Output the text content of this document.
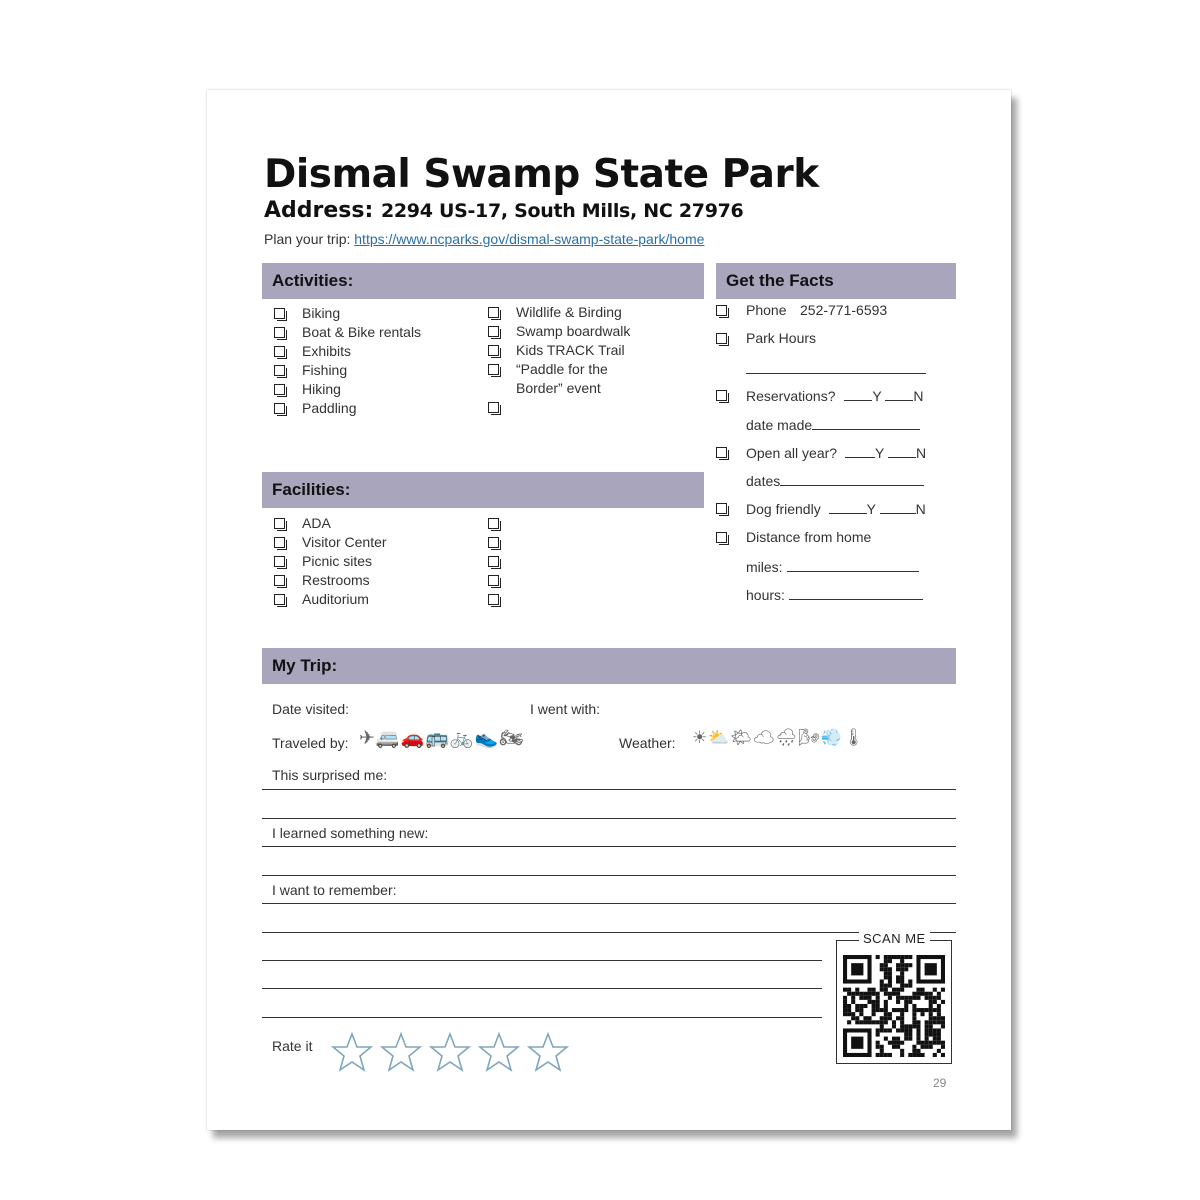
Dismal Swamp State Park
Address: 2294 US-17, South Mills, NC 27976
Plan your trip: https://www.ncparks.gov/dismal-swamp-state-park/home
Activities:
Biking
Boat & Bike rentals
Exhibits
Fishing
Hiking
Paddling
Wildlife & Birding
Swamp boardwalk
Kids TRACK Trail
“Paddle for the
Border” event
Facilities:
ADA
Visitor Center
Picnic sites
Restrooms
Auditorium
Get the Facts
Phone 252-771-6593
Park Hours
Reservations?	Y N
date made
Open all year?	Y N
dates
Dog friendly	Y	N
Distance from home
miles:
hours:
My Trip:
Date visited:	I went with:
Traveled by: ✈🚐🚗🚌🚲👟🏍	Weather: ☀⛅🌤☁🌧🌬💨🌡
This surprised me:
I learned something new:
I want to remember:
Rate it
SCAN ME
29
